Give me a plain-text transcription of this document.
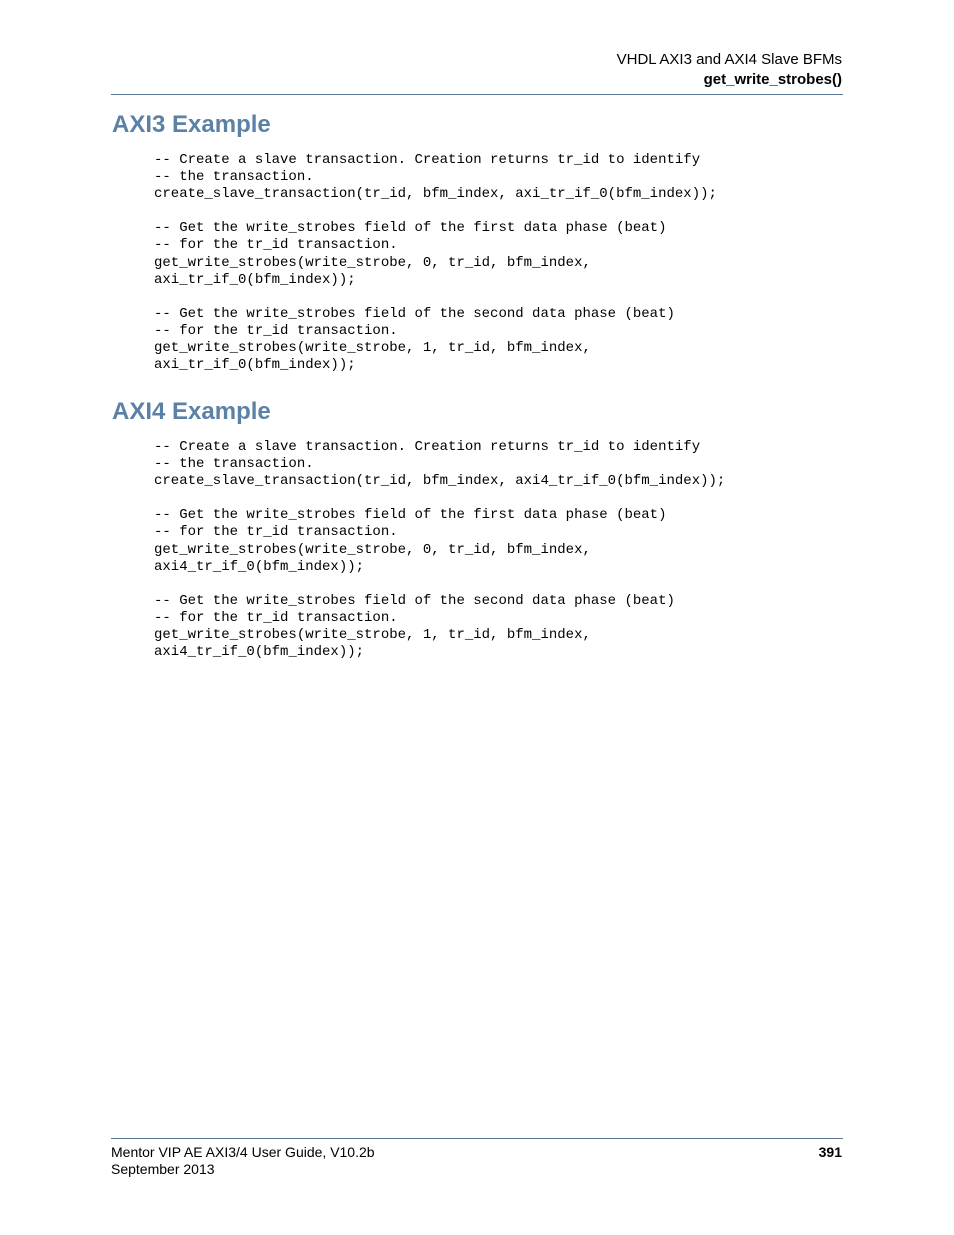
VHDL AXI3 and AXI4 Slave BFMs
get_write_strobes()
AXI3 Example
-- Create a slave transaction. Creation returns tr_id to identify
-- the transaction.
create_slave_transaction(tr_id, bfm_index, axi_tr_if_0(bfm_index));

-- Get the write_strobes field of the first data phase (beat)
-- for the tr_id transaction.
get_write_strobes(write_strobe, 0, tr_id, bfm_index,
axi_tr_if_0(bfm_index));

-- Get the write_strobes field of the second data phase (beat)
-- for the tr_id transaction.
get_write_strobes(write_strobe, 1, tr_id, bfm_index,
axi_tr_if_0(bfm_index));
AXI4 Example
-- Create a slave transaction. Creation returns tr_id to identify
-- the transaction.
create_slave_transaction(tr_id, bfm_index, axi4_tr_if_0(bfm_index));

-- Get the write_strobes field of the first data phase (beat)
-- for the tr_id transaction.
get_write_strobes(write_strobe, 0, tr_id, bfm_index,
axi4_tr_if_0(bfm_index));

-- Get the write_strobes field of the second data phase (beat)
-- for the tr_id transaction.
get_write_strobes(write_strobe, 1, tr_id, bfm_index,
axi4_tr_if_0(bfm_index));
Mentor VIP AE AXI3/4 User Guide, V10.2b
September 2013
391
